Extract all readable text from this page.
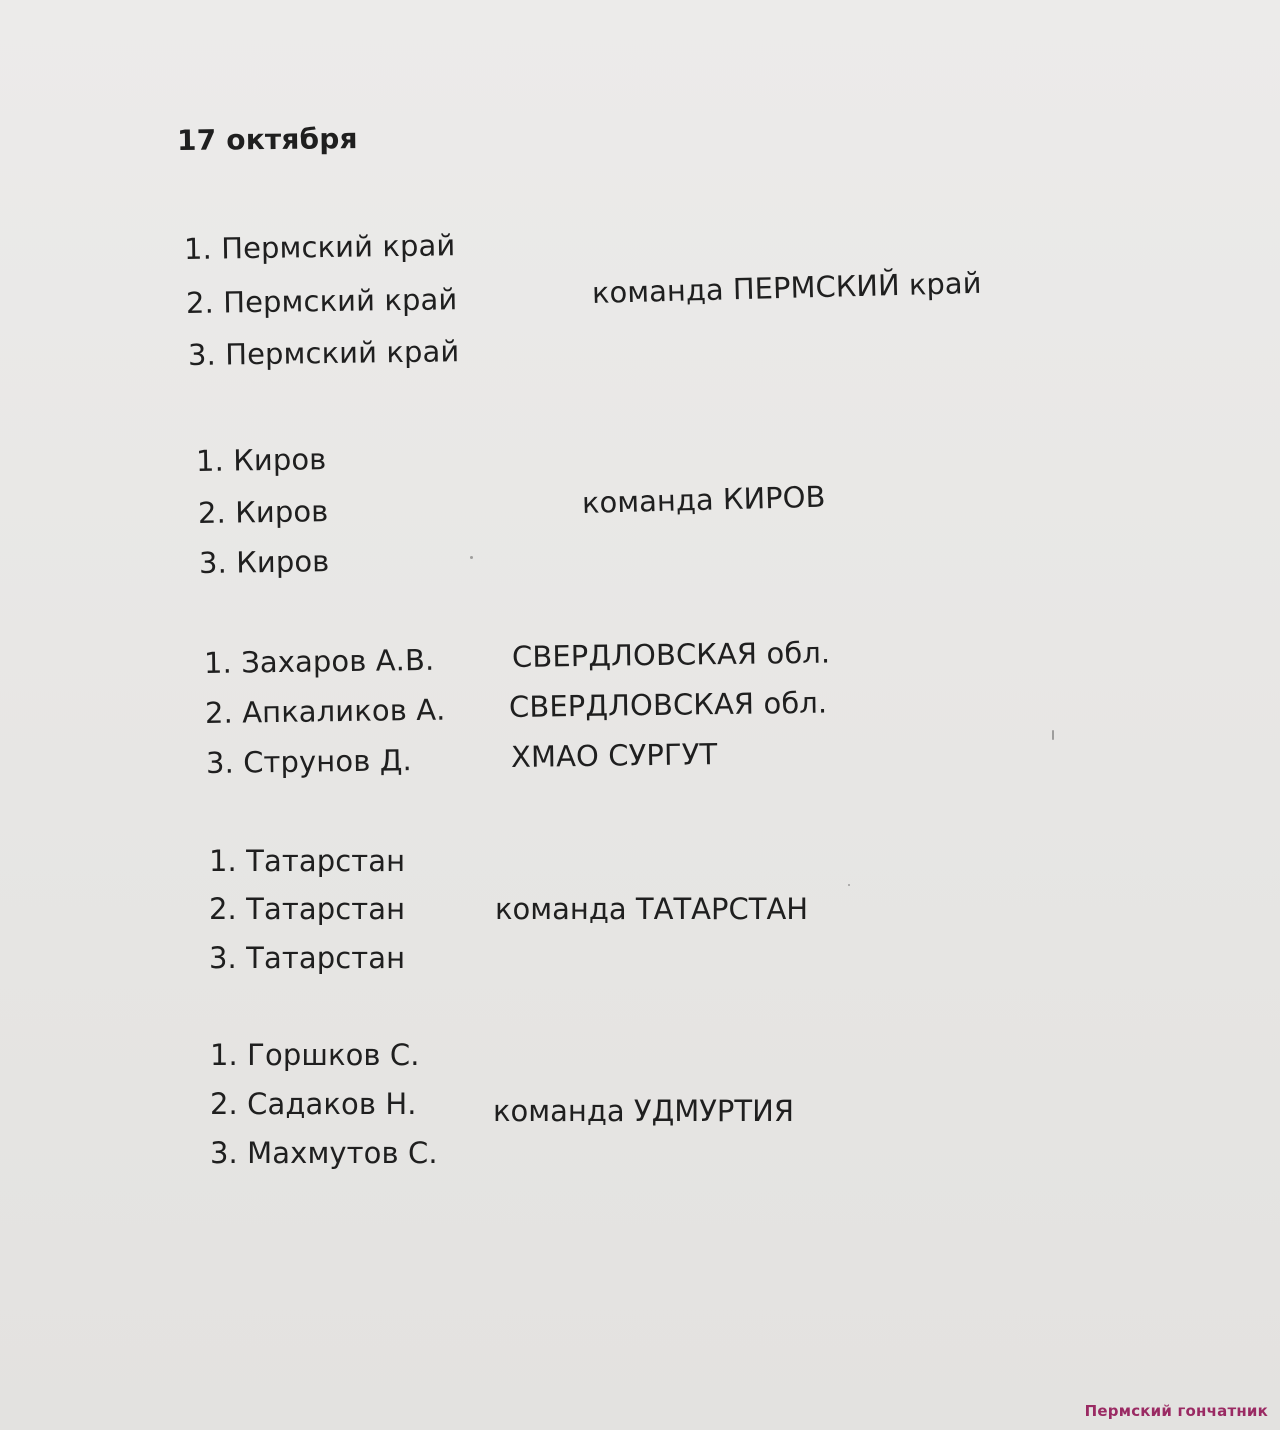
17 октября
1. Пермский край
2. Пермский край
3. Пермский край
команда ПЕРМСКИЙ край
1. Киров
2. Киров
3. Киров
команда КИРОВ
1. Захаров А.В.	СВЕРДЛОВСКАЯ обл.
2. Апкаликов А. СВЕРДЛОВСКАЯ обл.
3. Струнов Д.	ХМАО СУРГУТ
1. Татарстан
2. Татарстан
3. Татарстан
команда ТАТАРСТАН
1. Горшков С.
2. Садаков Н.
3. Махмутов С.
команда УДМУРТИЯ
Пермский гончатник
